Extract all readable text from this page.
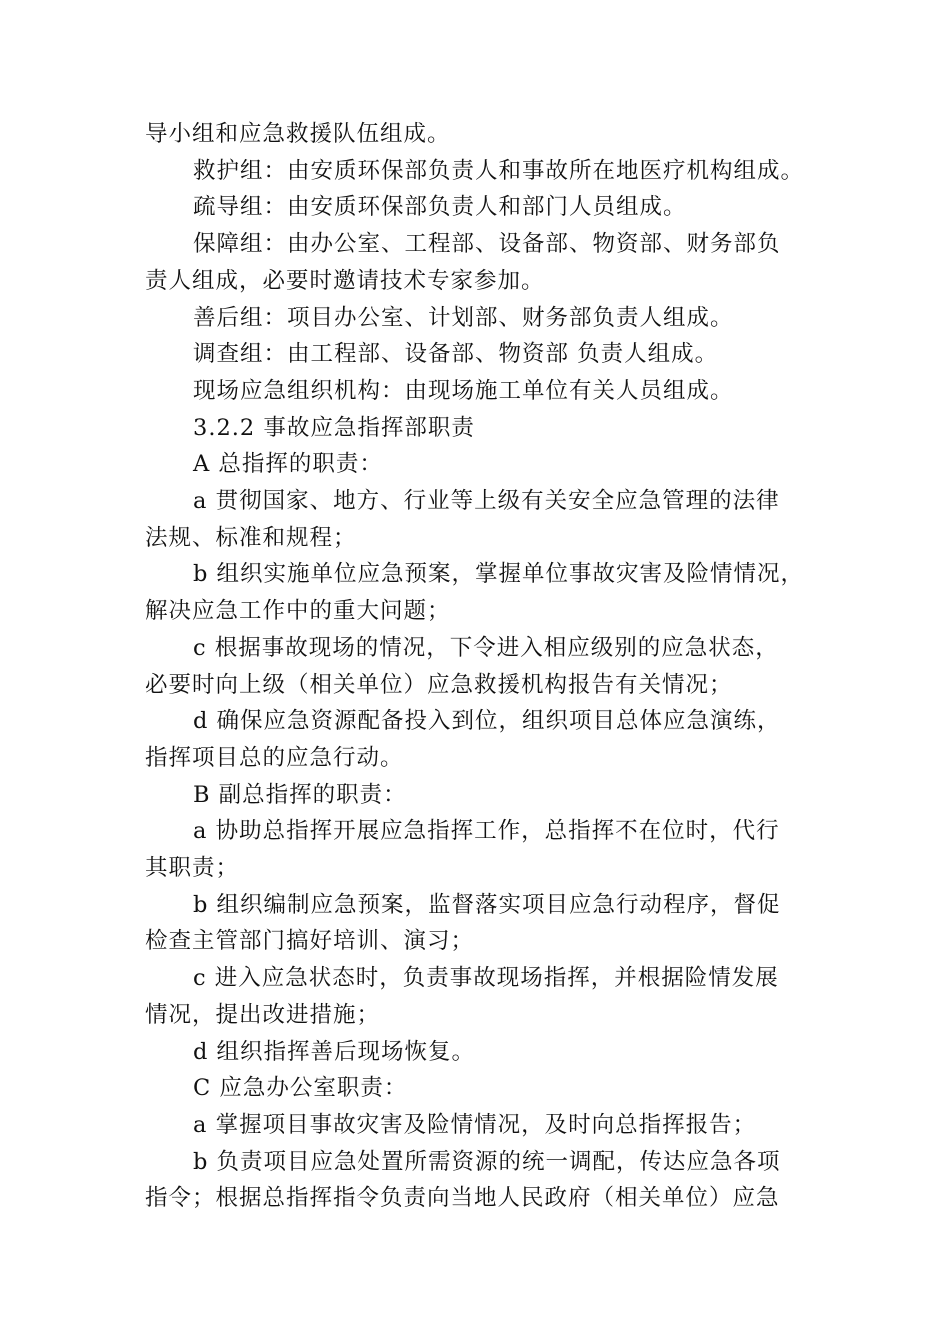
导小组和应急救援队伍组成。
救护组：由安质环保部负责人和事故所在地医疗机构组成。
疏导组：由安质环保部负责人和部门人员组成。
保障组：由办公室、工程部、设备部、物资部、财务部负
责人组成，必要时邀请技术专家参加。
善后组：项目办公室、计划部、财务部负责人组成。
调查组：由工程部、设备部、物资部 负责人组成。
现场应急组织机构：由现场施工单位有关人员组成。
3.2.2 事故应急指挥部职责
A 总指挥的职责：
a 贯彻国家、地方、行业等上级有关安全应急管理的法律
法规、标准和规程；
b 组织实施单位应急预案，掌握单位事故灾害及险情情况，
解决应急工作中的重大问题；
c 根据事故现场的情况，下令进入相应级别的应急状态，
必要时向上级（相关单位）应急救援机构报告有关情况；
d 确保应急资源配备投入到位，组织项目总体应急演练，
指挥项目总的应急行动。
B 副总指挥的职责：
a 协助总指挥开展应急指挥工作，总指挥不在位时，代行
其职责；
b 组织编制应急预案，监督落实项目应急行动程序，督促
检查主管部门搞好培训、演习；
c 进入应急状态时，负责事故现场指挥，并根据险情发展
情况，提出改进措施；
d 组织指挥善后现场恢复。
C 应急办公室职责：
a 掌握项目事故灾害及险情情况，及时向总指挥报告；
b 负责项目应急处置所需资源的统一调配，传达应急各项
指令；根据总指挥指令负责向当地人民政府（相关单位）应急
